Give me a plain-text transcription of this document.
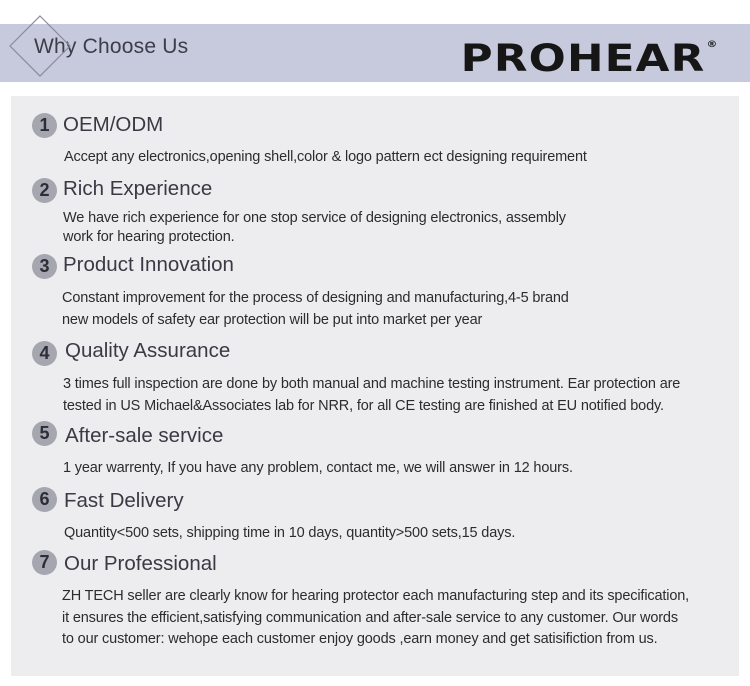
Why Choose Us	PROHEAR®
1 OEM/ODM
Accept any electronics,opening shell,color & logo pattern ect designing requirement
2 Rich Experience
We have rich experience for one stop service of designing electronics, assembly
work for hearing protection.
3 Product Innovation
Constant improvement for the process of designing and manufacturing,4-5 brand
new models of safety ear protection will be put into market per year
4 Quality Assurance
3 times full inspection are done by both manual and machine testing instrument. Ear protection are
tested in US Michael&Associates lab for NRR, for all CE testing are finished at EU notified body.
5 After-sale service
1 year warrenty, If you have any problem, contact me, we will answer in 12 hours.
6 Fast Delivery
Quantity<500 sets, shipping time in 10 days, quantity>500 sets,15 days.
7 Our Professional
ZH TECH seller are clearly know for hearing protector each manufacturing step and its specification,
it ensures the efficient,satisfying communication and after-sale service to any customer. Our words
to our customer: wehope each customer enjoy goods ,earn money and get satisifiction from us.
